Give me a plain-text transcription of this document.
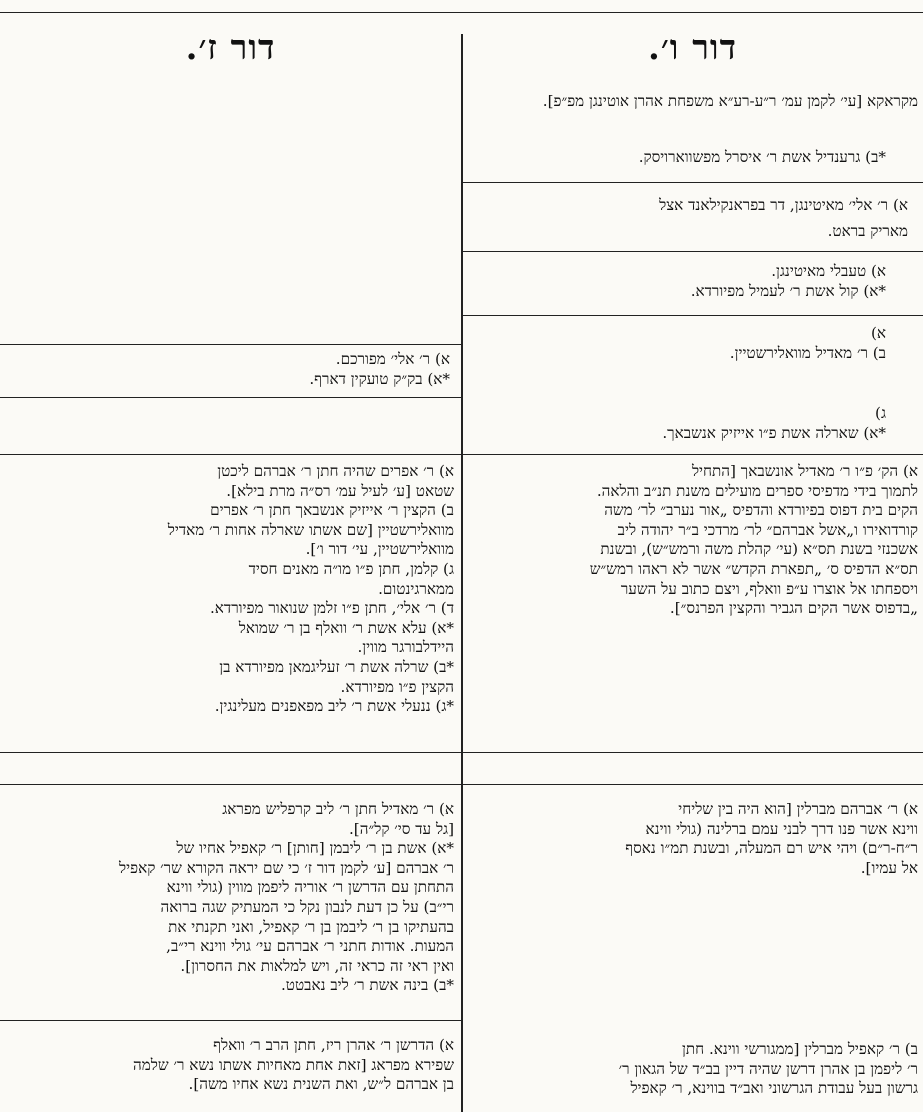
דור ו׳.
דור ז׳.

מקראקא [עי׳ לקמן עמ׳ ר״ע-רע״א משפחת אהרן אוטינגן מפ״פ].

*ב) גרענדיל אשת ר׳ איסרל מפשווארויסק.

א) ר׳ אלי׳ מאיטינגן, דר בפראנקילאנד אצל

מאריק בראט.

א) טעבלי מאיטינגן.

*א) קול אשת ר׳ לעמיל מפיורדא.

א)

ב) ר׳ מאדיל מוואלירשטיין.

ג)

*א) שארלה אשת פ״ו אייזיק אנשבאך.

א) הק׳ פ״ו ר׳ מאדיל אונשבאך [התחיל

לתמוך בידי מדפיסי ספרים מועילים משנת תנ״ב והלאה.

הקים בית דפוס בפיורדא והדפיס „אור נערב״ לר׳ משה

קורדואירו ו„אשל אברהם״ לר׳ מרדכי ב״ר יהודה ליב

אשכנזי בשנת תס״א (עי׳ קהלת משה ורמש״ש), ובשנת

תס״א הדפיס ס׳ „תפארת הקדש״ אשר לא ראהו רמש״ש

ויספחתו אל אוצרו ע״פ וואלף, ויצם כתוב על השער

„בדפוס אשר הקים הגביר והקצין הפרנס״].

א) ר׳ אברהם מברלין [הוא היה בין שליחי

ווינא אשר פנו דרך לבני עמם ברלינה (גולי ווינא

ר״ח-ר״ם) ויהי איש רם המעלה, ובשנת תמ״ו נאסף

אל עמיו].

ב) ר׳ קאפיל מברלין [ממגורשי ווינא. חתן

ר׳ ליפמן בן אהרן דרשן שהיה דיין בב״ד של הגאון ר׳

גרשון בעל עבודת הגרשוני ואב״ד בווינא, ר׳ קאפיל

א) ר׳ אלי׳ מפורכם.

*א) בק״ק טועקין דארף.

א) ר׳ אפרים שהיה חתן ר׳ אברהם ליכטן

שטאט [ע׳ לעיל עמ׳ רס״ה מרת בילא].

ב) הקצין ר׳ אייזיק אנשבאך חתן ר׳ אפרים

מוואלירשטיין [שם אשתו שארלה אחות ר׳ מאדיל

מוואלירשטיין, עי׳ דור ו׳].

ג) קלמן, חתן פ״ו מו״ה מאנים חסיד

ממארגינטום.

ד) ר׳ אלי׳, חתן פ״ו זלמן שנואור מפיורדא.

*א) עלא אשת ר׳ וואלף בן ר׳ שמואל

היידלבורגר מווין.

*ב) שרלה אשת ר׳ זעליגמאן מפיורדא בן

הקצין פ״ו מפיורדא.

*ג) ננעלי אשת ר׳ ליב מפאפנים מעלינגין.

א) ר׳ מאדיל חתן ר׳ ליב קרפליש מפראג

[גל עד סי׳ קל״ה].

*א) אשת בן ר׳ ליבמן [חותן] ר׳ קאפיל אחיו של

ר׳ אברהם [ע׳ לקמן דור ז׳ כי שם יראה הקורא שר׳ קאפיל

התחתן עם הדרשן ר׳ אוריה ליפמן מווין (גולי ווינא

רי״ב) על כן דעת לנבון נקל כי המעתיק שגה ברואה

בהעתיקו בן ר׳ ליבמן בן ר׳ קאפיל, ואני תקנתי את

המעות. אודות חתני ר׳ אברהם עי׳ גולי ווינא רי״ב,

ואין ראי זה כראי זה, ויש למלאות את החסרון].

*ב) בינה אשת ר׳ ליב נאבטט.

א) הדרשן ר׳ אהרן ריז, חתן הרב ר׳ וואלף

שפירא מפראג [זאת אחת מאחיות אשתו נשא ר׳ שלמה

בן אברהם ל״ש, ואת השנית נשא אחיו משה].
